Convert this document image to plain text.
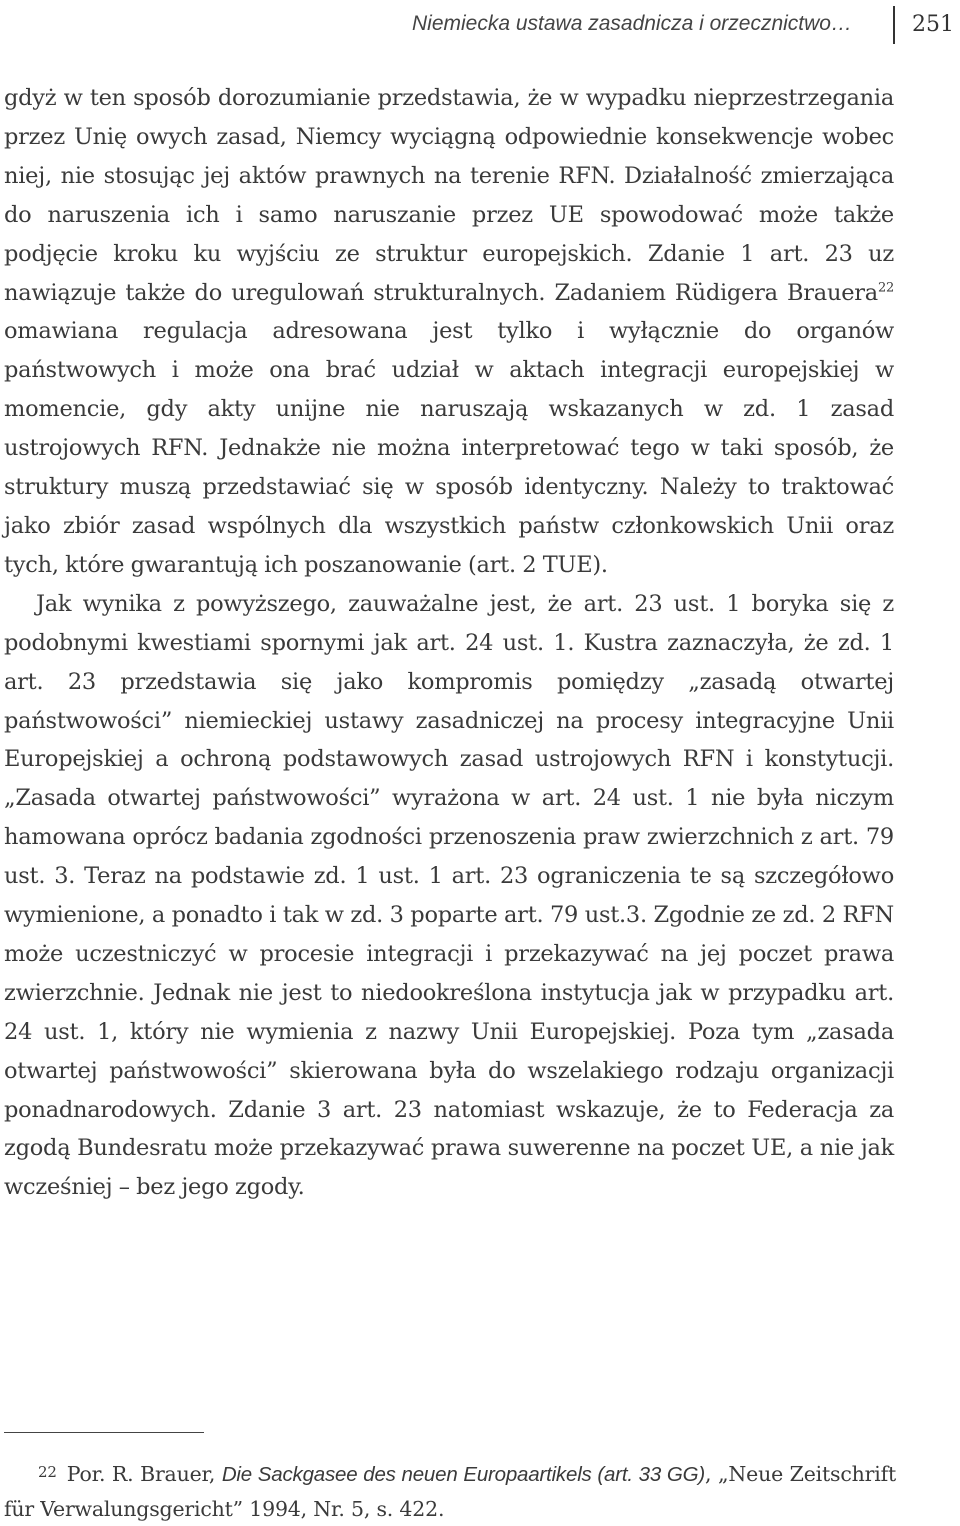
Niemiecka ustawa zasadnicza i orzecznictwo…	251

gdyż w ten sposób dorozumianie przedstawia, że w wypadku nieprzestrzegania przez Unię owych zasad, Niemcy wyciągną odpowiednie konsekwencje wobec niej, nie stosując jej aktów prawnych na terenie RFN. Działalność zmierzająca do naruszenia ich i samo naruszanie przez UE spowodować może także podjęcie kroku ku wyjściu ze struktur europejskich. Zdanie 1 art. 23 uz nawiązuje także do uregulowań strukturalnych. Zadaniem Rüdigera Brauera$^{22}$ omawiana regulacja adresowana jest tylko i wyłącznie do organów państwowych i może ona brać udział w aktach integracji europejskiej w momencie, gdy akty unijne nie naruszają wskazanych w zd. 1 zasad ustrojowych RFN. Jednakże nie można interpretować tego w taki sposób, że struktury muszą przedstawiać się w sposób identyczny. Należy to traktować jako zbiór zasad wspólnych dla wszystkich państw członkowskich Unii oraz tych, które gwarantują ich poszanowanie (art. 2 TUE).

Jak wynika z powyższego, zauważalne jest, że art. 23 ust. 1 boryka się z podobnymi kwestiami spornymi jak art. 24 ust. 1. Kustra zaznaczyła, że zd. 1 art. 23 przedstawia się jako kompromis pomiędzy „zasadą otwartej państwowości” niemieckiej ustawy zasadniczej na procesy integracyjne Unii Europejskiej a ochroną podstawowych zasad ustrojowych RFN i konstytucji. „Zasada otwartej państwowości” wyrażona w art. 24 ust. 1 nie była niczym hamowana oprócz badania zgodności przenoszenia praw zwierzchnich z art. 79 ust. 3. Teraz na podstawie zd. 1 ust. 1 art. 23 ograniczenia te są szczegółowo wymienione, a ponadto i tak w zd. 3 poparte art. 79 ust.3. Zgodnie ze zd. 2 RFN może uczestniczyć w procesie integracji i przekazywać na jej poczet prawa zwierzchnie. Jednak nie jest to niedookreślona instytucja jak w przypadku art. 24 ust. 1, który nie wymienia z nazwy Unii Europejskiej. Poza tym „zasada otwartej państwowości” skierowana była do wszelakiego rodzaju organizacji ponadnarodowych. Zdanie 3 art. 23 natomiast wskazuje, że to Federacja za zgodą Bundesratu może przekazywać prawa suwerenne na poczet UE, a nie jak wcześniej – bez jego zgody.

22 Por. R. Brauer, Die Sackgasee des neuen Europaartikels (art. 33 GG), „Neue Zeitschrift für Verwalungsgericht” 1994, Nr. 5, s. 422.
